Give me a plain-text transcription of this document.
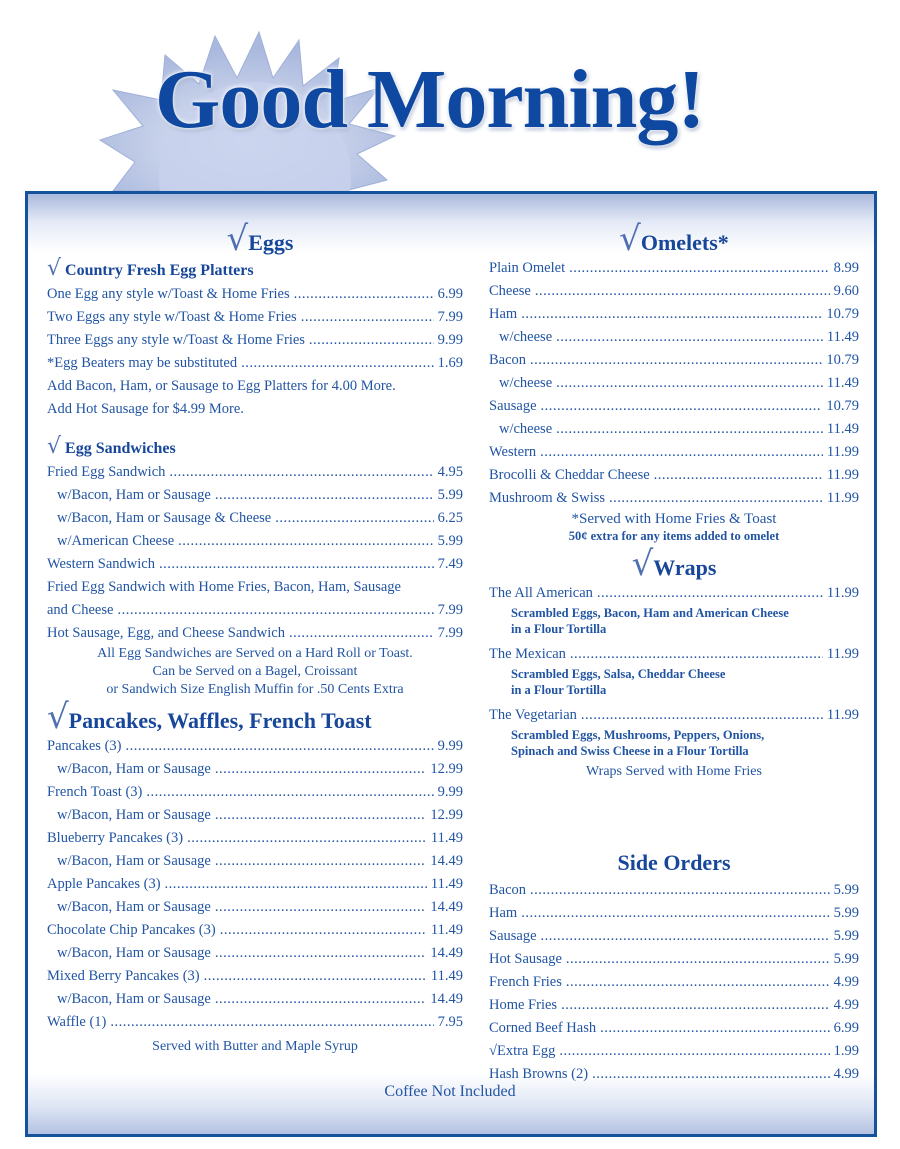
Good Morning!
√Eggs
√ Country Fresh Egg Platters
One Egg any style w/Toast & Home Fries .....	6.99
Two Eggs any style w/Toast & Home Fries .....	7.99
Three Eggs any style w/Toast & Home Fries .....	9.99
*Egg Beaters may be substituted .....	1.69
Add Bacon, Ham, or Sausage to Egg Platters for 4.00 More.
Add Hot Sausage for $4.99 More.
√ Egg Sandwiches
Fried Egg Sandwich .....	4.95
w/Bacon, Ham or Sausage .....	5.99
w/Bacon, Ham or Sausage & Cheese .....	6.25
w/American Cheese .....	5.99
Western Sandwich .....	7.49
Fried Egg Sandwich with Home Fries, Bacon, Ham, Sausage
and Cheese .....	7.99
Hot Sausage, Egg, and Cheese Sandwich .....	7.99
All Egg Sandwiches are Served on a Hard Roll or Toast.
Can be Served on a Bagel, Croissant
or Sandwich Size English Muffin for .50 Cents Extra
√Pancakes, Waffles, French Toast
Pancakes (3) .....	9.99
w/Bacon, Ham or Sausage .....	12.99
French Toast (3) .....	9.99
w/Bacon, Ham or Sausage .....	12.99
Blueberry Pancakes (3) .....	11.49
w/Bacon, Ham or Sausage .....	14.49
Apple Pancakes (3) .....	11.49
w/Bacon, Ham or Sausage .....	14.49
Chocolate Chip Pancakes (3) .....	11.49
w/Bacon, Ham or Sausage .....	14.49
Mixed Berry Pancakes (3) .....	11.49
w/Bacon, Ham or Sausage .....	14.49
Waffle (1) .....	7.95
Served with Butter and Maple Syrup
√Omelets*
Plain Omelet .....	8.99
Cheese .....	9.60
Ham .....	10.79
w/cheese .....	11.49
Bacon .....	10.79
w/cheese .....	11.49
Sausage .....	10.79
w/cheese .....	11.49
Western .....	11.99
Brocolli & Cheddar Cheese .....	11.99
Mushroom & Swiss .....	11.99
*Served with Home Fries & Toast
50¢ extra for any items added to omelet
√Wraps
The All American .....	11.99
Scrambled Eggs, Bacon, Ham and American Cheese
in a Flour Tortilla
The Mexican .....	11.99
Scrambled Eggs, Salsa, Cheddar Cheese
in a Flour Tortilla
The Vegetarian .....	11.99
Scrambled Eggs, Mushrooms, Peppers, Onions,
Spinach and Swiss Cheese in a Flour Tortilla
Wraps Served with Home Fries
Side Orders
Bacon .....	5.99
Ham .....	5.99
Sausage .....	5.99
Hot Sausage .....	5.99
French Fries .....	4.99
Home Fries .....	4.99
Corned Beef Hash .....	6.99
√Extra Egg .....	1.99
Hash Browns (2) .....	4.99
Coffee Not Included
